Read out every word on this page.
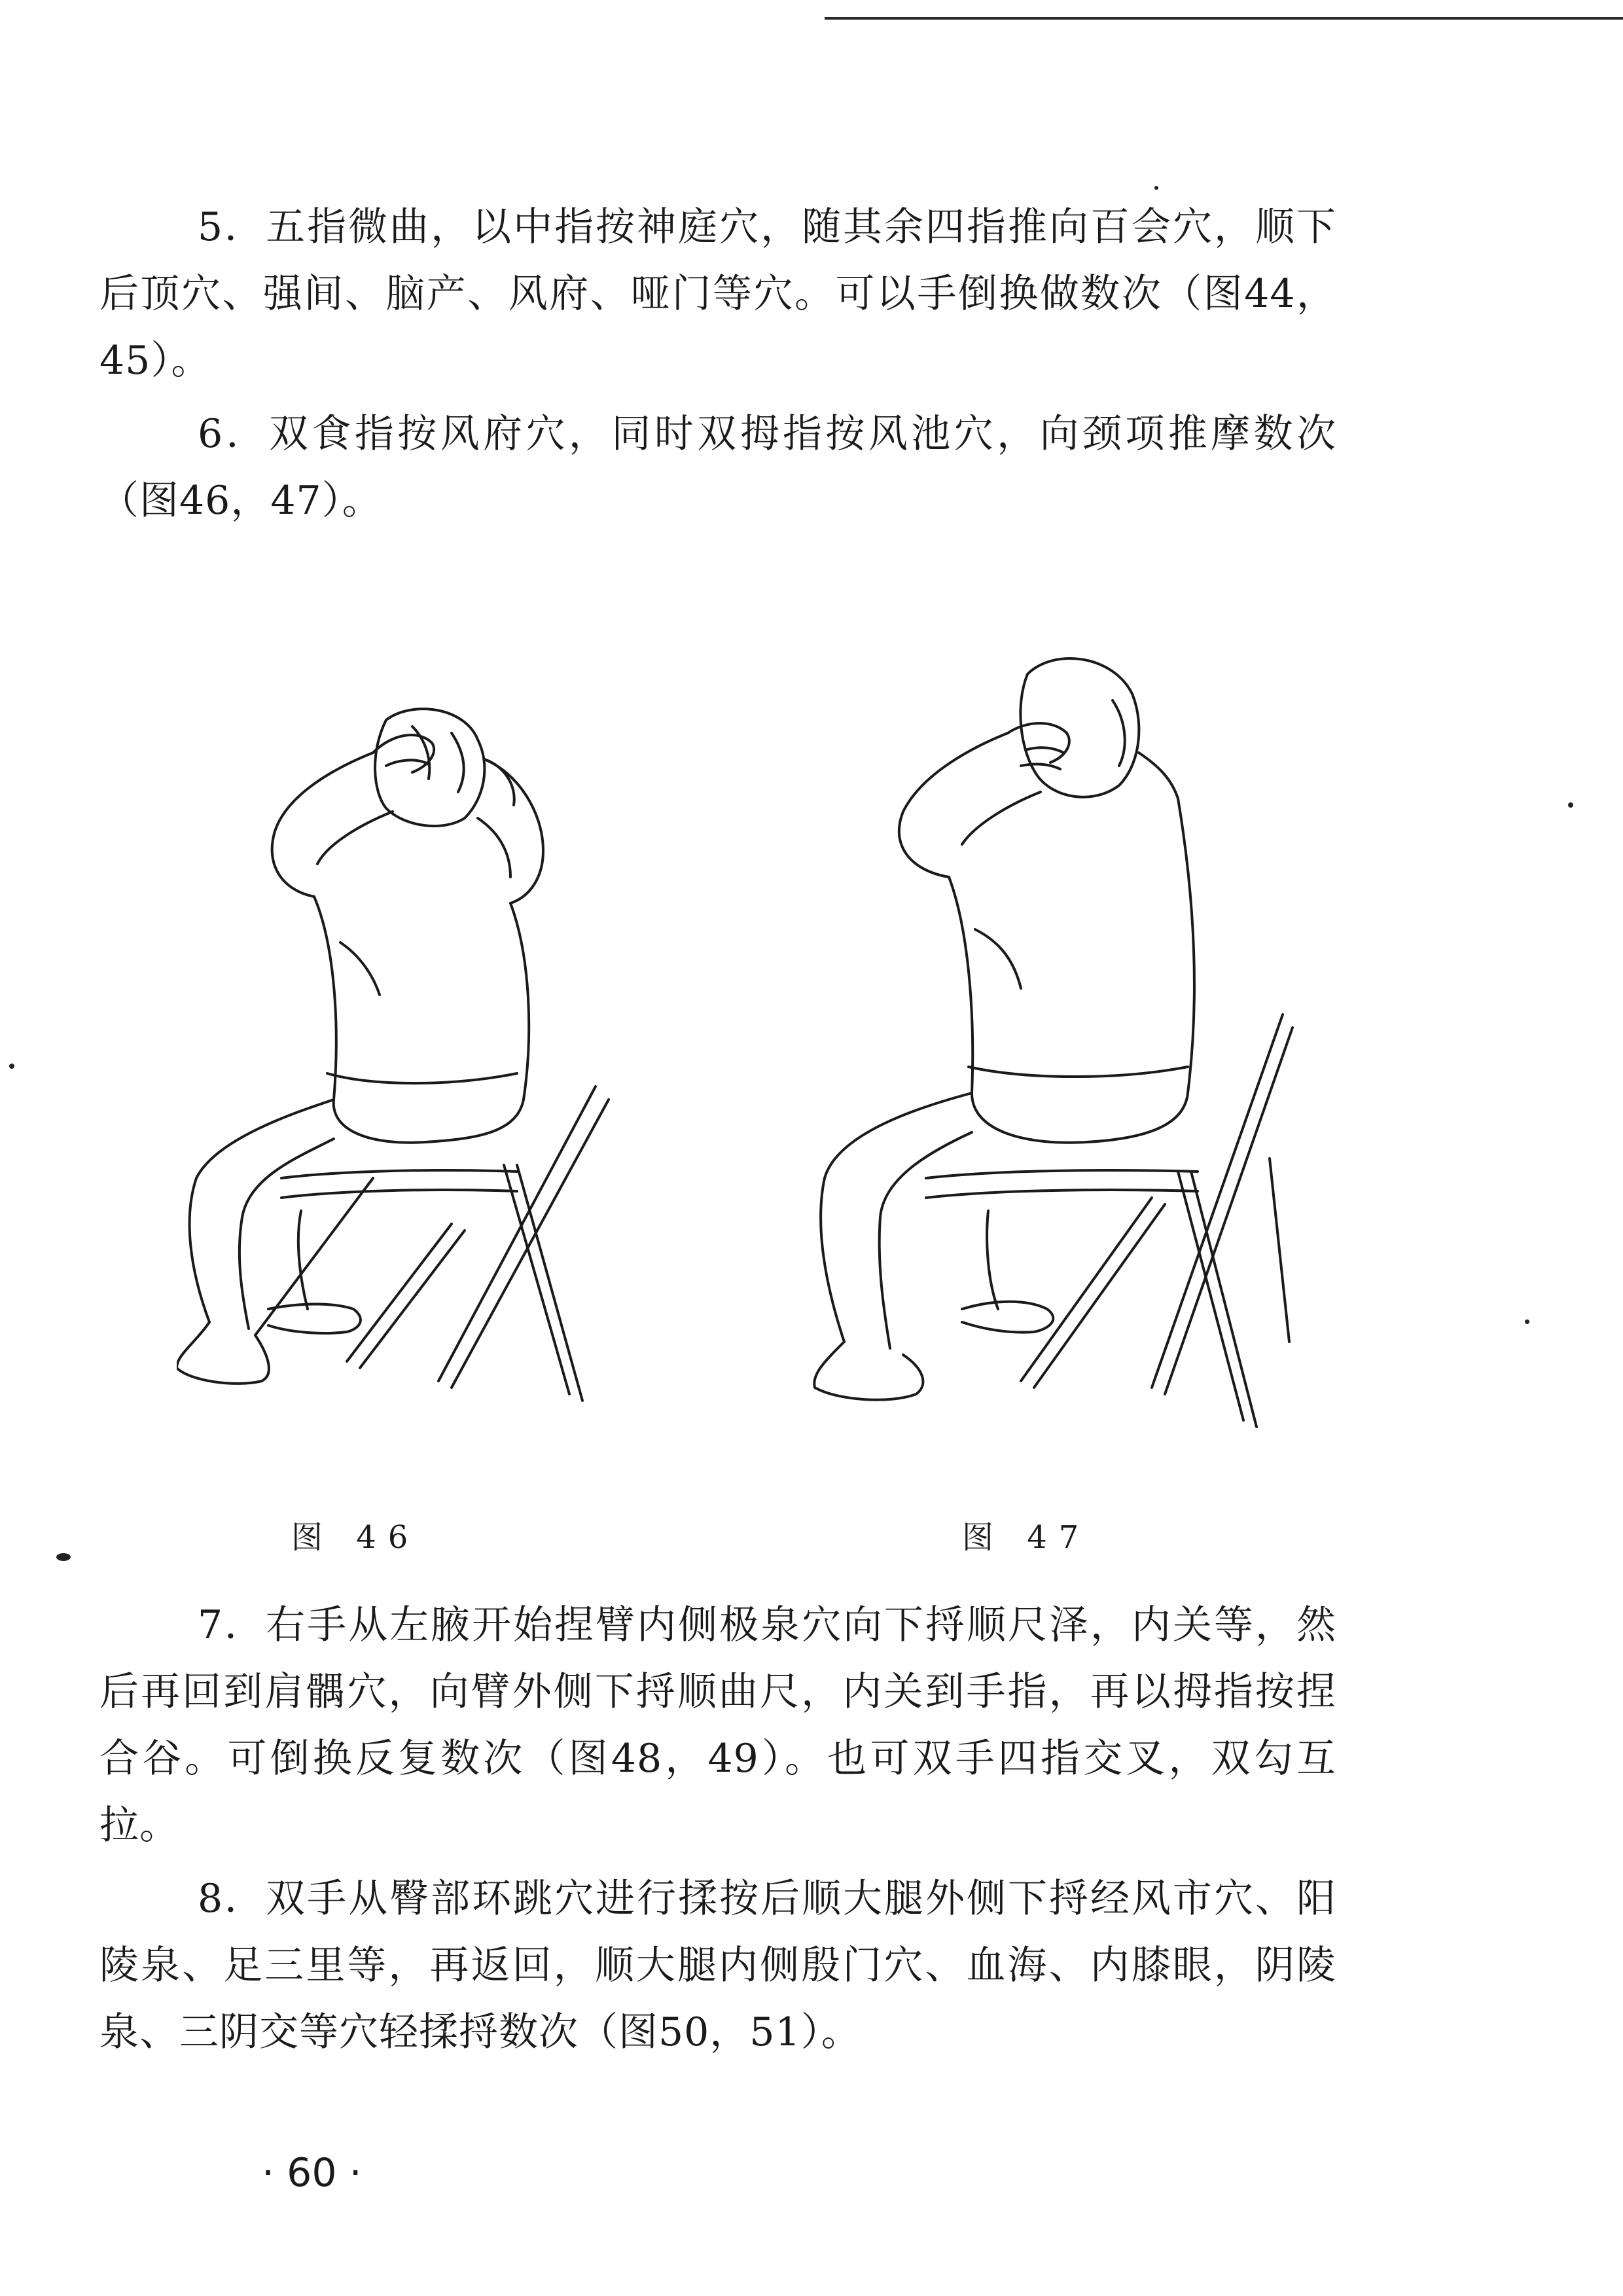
5．五指微曲，以中指按神庭穴，随其余四指推向百会穴，顺下后顶穴、强间、脑产、风府、哑门等穴。可以手倒换做数次（图44，45）。

6．双食指按风府穴，同时双拇指按风池穴，向颈项推摩数次（图46，47）。

图 46	图 47

7．右手从左腋开始捏臂内侧极泉穴向下捋顺尺泽，内关等，然后再回到肩髃穴，向臂外侧下捋顺曲尺，内关到手指，再以拇指按捏合谷。可倒换反复数次（图48，49）。也可双手四指交叉，双勾互拉。

8．双手从臀部环跳穴进行揉按后顺大腿外侧下捋经风市穴、阳陵泉、足三里等，再返回，顺大腿内侧殷门穴、血海、内膝眼，阴陵泉、三阴交等穴轻揉捋数次（图50，51）。

· 60 ·
